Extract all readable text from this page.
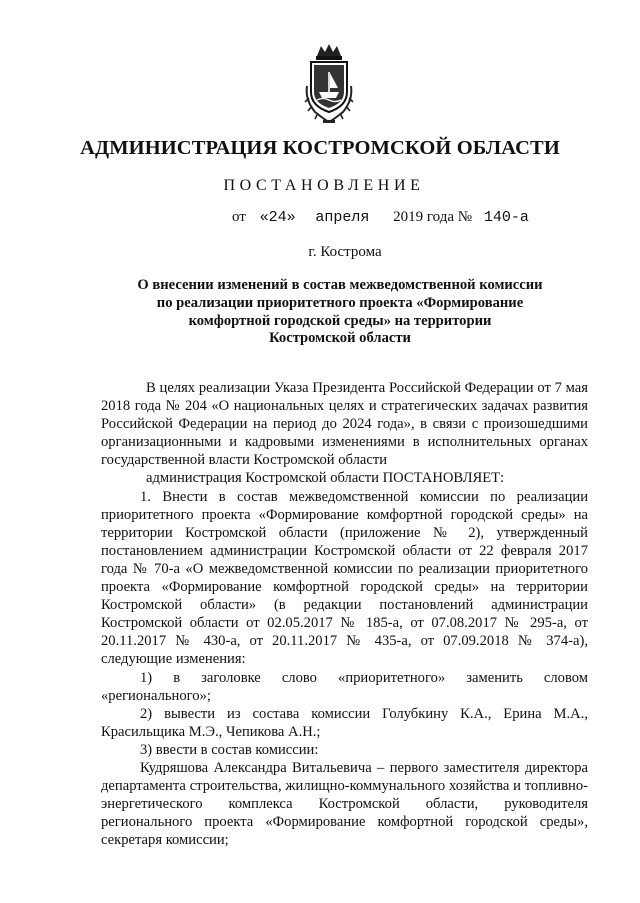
АДМИНИСТРАЦИЯ КОСТРОМСКОЙ ОБЛАСТИ
ПОСТАНОВЛЕНИЕ
от «24» апреля 2019 года № 140-а
г. Кострома
О внесении изменений в состав межведомственной комиссии
по реализации приоритетного проекта «Формирование
комфортной городской среды» на территории
Костромской области

В целях реализации Указа Президента Российской Федерации от 7 мая 2018 года № 204 «О национальных целях и стратегических задачах развития Российской Федерации на период до 2024 года», в связи с произошедшими организационными и кадровыми изменениями в исполнительных органах государственной власти Костромской области

администрация Костромской области ПОСТАНОВЛЯЕТ:

1. Внести в состав межведомственной комиссии по реализации приоритетного проекта «Формирование комфортной городской среды» на территории Костромской области (приложение № 2), утвержденный постановлением администрации Костромской области от 22 февраля 2017 года № 70-а «О межведомственной комиссии по реализации приоритетного проекта «Формирование комфортной городской среды» на территории Костромской области» (в редакции постановлений администрации Костромской области от 02.05.2017 № 185-а, от 07.08.2017 № 295-а, от 20.11.2017 № 430-а, от 20.11.2017 № 435-а, от 07.09.2018 № 374-а), следующие изменения:

1) в заголовке слово «приоритетного» заменить словом «регионального»;

2) вывести из состава комиссии Голубкину К.А., Ерина М.А., Красильщика М.Э., Чепикова А.Н.;

3) ввести в состав комиссии:

Кудряшова Александра Витальевича – первого заместителя директора департамента строительства, жилищно-коммунального хозяйства и топливно-энергетического комплекса Костромской области, руководителя регионального проекта «Формирование комфортной городской среды», секретаря комиссии;
